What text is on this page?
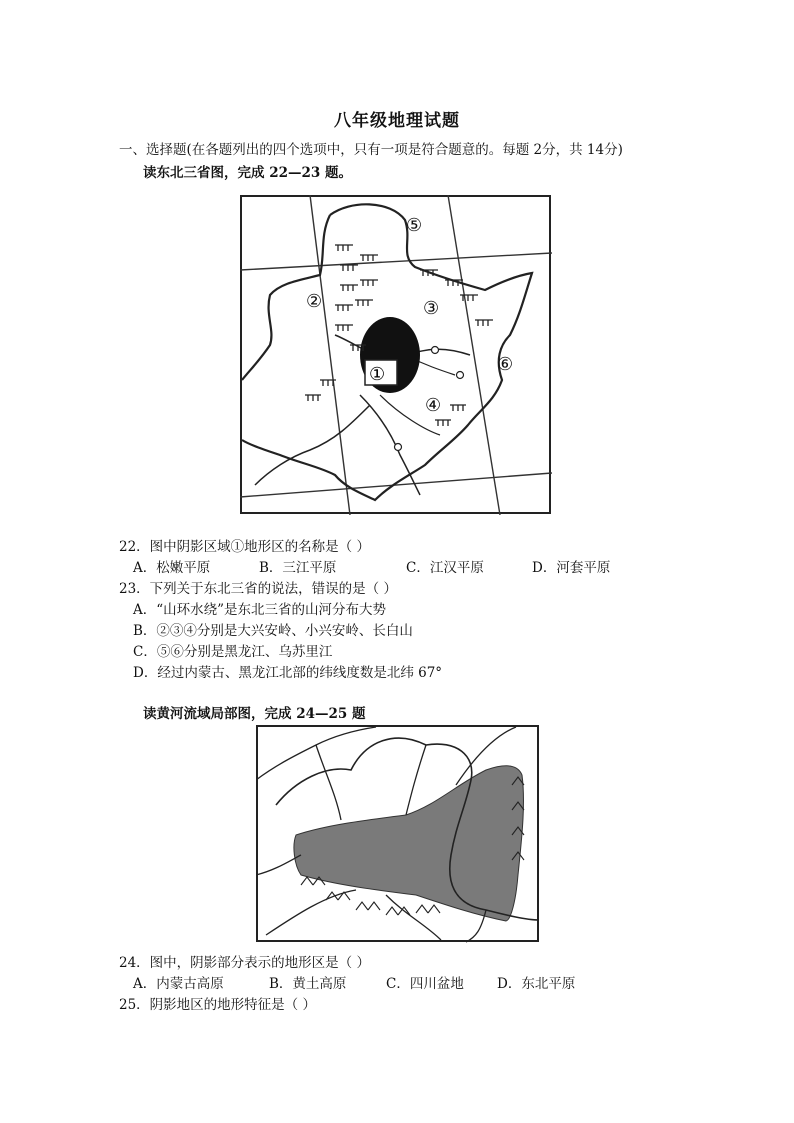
八年级地理试题
一、选择题(在各题列出的四个选项中，只有一项是符合题意的。每题 2分，共 14分)
读东北三省图，完成 22—23 题。
⑤
②	③
①
④
⑥
22．图中阴影区域①地形区的名称是（ ）
A．松嫩平原	B．三江平原	C．江汉平原	D．河套平原
23．下列关于东北三省的说法，错误的是（ ）
A．“山环水绕”是东北三省的山河分布大势
B．②③④分别是大兴安岭、小兴安岭、长白山
C．⑤⑥分别是黑龙江、乌苏里江
D．经过内蒙古、黑龙江北部的纬线度数是北纬 67°
读黄河流域局部图，完成 24—25 题
24．图中，阴影部分表示的地形区是（ ）
A．内蒙古高原	B．黄土高原	C．四川盆地 D．东北平原
25．阴影地区的地形特征是（ ）
